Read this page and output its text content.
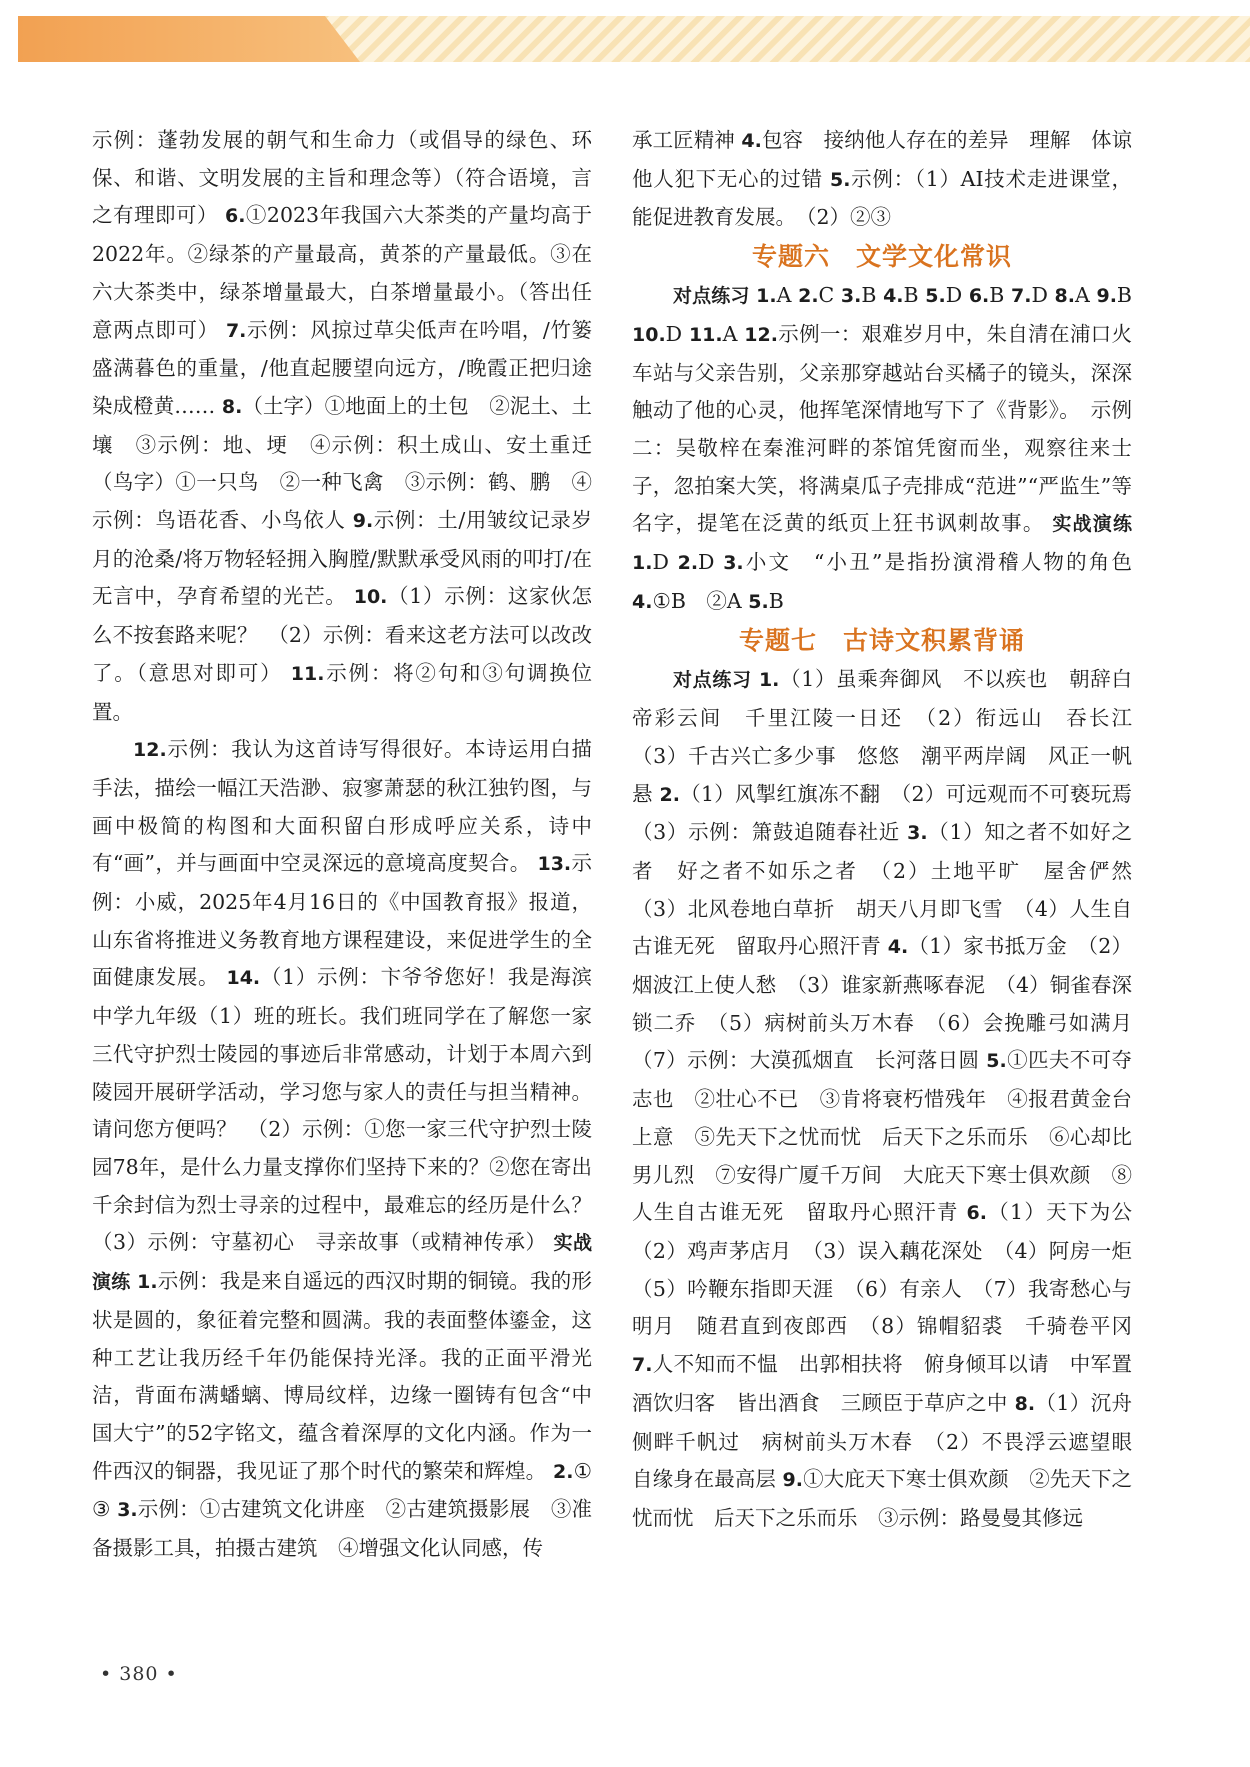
示例：蓬勃发展的朝气和生命力（或倡导的绿色、环保、和谐、文明发展的主旨和理念等）（符合语境，言之有理即可） 6.①2023年我国六大茶类的产量均高于2022年。②绿茶的产量最高，黄茶的产量最低。③在六大茶类中，绿茶增量最大，白茶增量最小。（答出任意两点即可） 7.示例：风掠过草尖低声在吟唱，/竹篓盛满暮色的重量，/他直起腰望向远方，/晚霞正把归途染成橙黄…… 8.（土字）①地面上的土包　②泥土、土壤　③示例：地、埂　④示例：积土成山、安土重迁　（鸟字）①一只鸟　②一种飞禽　③示例：鹤、鹏　④示例：鸟语花香、小鸟依人 9.示例：土/用皱纹记录岁月的沧桑/将万物轻轻拥入胸膛/默默承受风雨的叩打/在无言中，孕育希望的光芒。 10.（1）示例：这家伙怎么不按套路来呢？　（2）示例：看来这老方法可以改改了。（意思对即可） 11.示例：将②句和③句调换位置。

12.示例：我认为这首诗写得很好。本诗运用白描手法，描绘一幅江天浩渺、寂寥萧瑟的秋江独钓图，与画中极简的构图和大面积留白形成呼应关系，诗中有“画”，并与画面中空灵深远的意境高度契合。 13.示例：小威，2025年4月16日的《中国教育报》报道，山东省将推进义务教育地方课程建设，来促进学生的全面健康发展。 14.（1）示例：卞爷爷您好！我是海滨中学九年级（1）班的班长。我们班同学在了解您一家三代守护烈士陵园的事迹后非常感动，计划于本周六到陵园开展研学活动，学习您与家人的责任与担当精神。请问您方便吗？　（2）示例：①您一家三代守护烈士陵园78年，是什么力量支撑你们坚持下来的？②您在寄出千余封信为烈士寻亲的过程中，最难忘的经历是什么？　（3）示例：守墓初心　寻亲故事（或精神传承） 实战演练 1.示例：我是来自遥远的西汉时期的铜镜。我的形状是圆的，象征着完整和圆满。我的表面整体鎏金，这种工艺让我历经千年仍能保持光泽。我的正面平滑光洁，背面布满蟠螭、博局纹样，边缘一圈铸有包含“中国大宁”的52字铭文，蕴含着深厚的文化内涵。作为一件西汉的铜器，我见证了那个时代的繁荣和辉煌。 2.①　③ 3.示例：①古建筑文化讲座　②古建筑摄影展　③准备摄影工具，拍摄古建筑　④增强文化认同感，传

承工匠精神 4.包容　接纳他人存在的差异　理解　体谅他人犯下无心的过错 5.示例：（1）AI技术走进课堂，能促进教育发展。　（2）②③

专题六　文学文化常识

对点练习 1.A 2.C 3.B 4.B 5.D 6.B 7.D 8.A 9.B 10.D 11.A 12.示例一：艰难岁月中，朱自清在浦口火车站与父亲告别，父亲那穿越站台买橘子的镜头，深深触动了他的心灵，他挥笔深情地写下了《背影》。　示例二：吴敬梓在秦淮河畔的茶馆凭窗而坐，观察往来士子，忽拍案大笑，将满桌瓜子壳排成“范进”“严监生”等名字，提笔在泛黄的纸页上狂书讽刺故事。 实战演练 1.D 2.D 3.小文　“小丑”是指扮演滑稽人物的角色 4.①B　②A 5.B

专题七　古诗文积累背诵

对点练习 1.（1）虽乘奔御风　不以疾也　朝辞白帝彩云间　千里江陵一日还　（2）衔远山　吞长江　（3）千古兴亡多少事　悠悠　潮平两岸阔　风正一帆悬 2.（1）风掣红旗冻不翻　（2）可远观而不可亵玩焉　（3）示例：箫鼓追随春社近 3.（1）知之者不如好之者　好之者不如乐之者　（2）土地平旷　屋舍俨然　（3）北风卷地白草折　胡天八月即飞雪　（4）人生自古谁无死　留取丹心照汗青 4.（1）家书抵万金　（2）烟波江上使人愁　（3）谁家新燕啄春泥　（4）铜雀春深锁二乔　（5）病树前头万木春　（6）会挽雕弓如满月　（7）示例：大漠孤烟直　长河落日圆 5.①匹夫不可夺志也　②壮心不已　③肯将衰朽惜残年　④报君黄金台上意　⑤先天下之忧而忧　后天下之乐而乐　⑥心却比男儿烈　⑦安得广厦千万间　大庇天下寒士俱欢颜　⑧人生自古谁无死　留取丹心照汗青 6.（1）天下为公　（2）鸡声茅店月　（3）误入藕花深处　（4）阿房一炬　（5）吟鞭东指即天涯　（6）有亲人　（7）我寄愁心与明月　随君直到夜郎西　（8）锦帽貂裘　千骑卷平冈 7.人不知而不愠　出郭相扶将　俯身倾耳以请　中军置酒饮归客　皆出酒食　三顾臣于草庐之中 8.（1）沉舟侧畔千帆过　病树前头万木春　（2）不畏浮云遮望眼　自缘身在最高层 9.①大庇天下寒士俱欢颜　②先天下之忧而忧　后天下之乐而乐　③示例：路曼曼其修远

• 380 •
